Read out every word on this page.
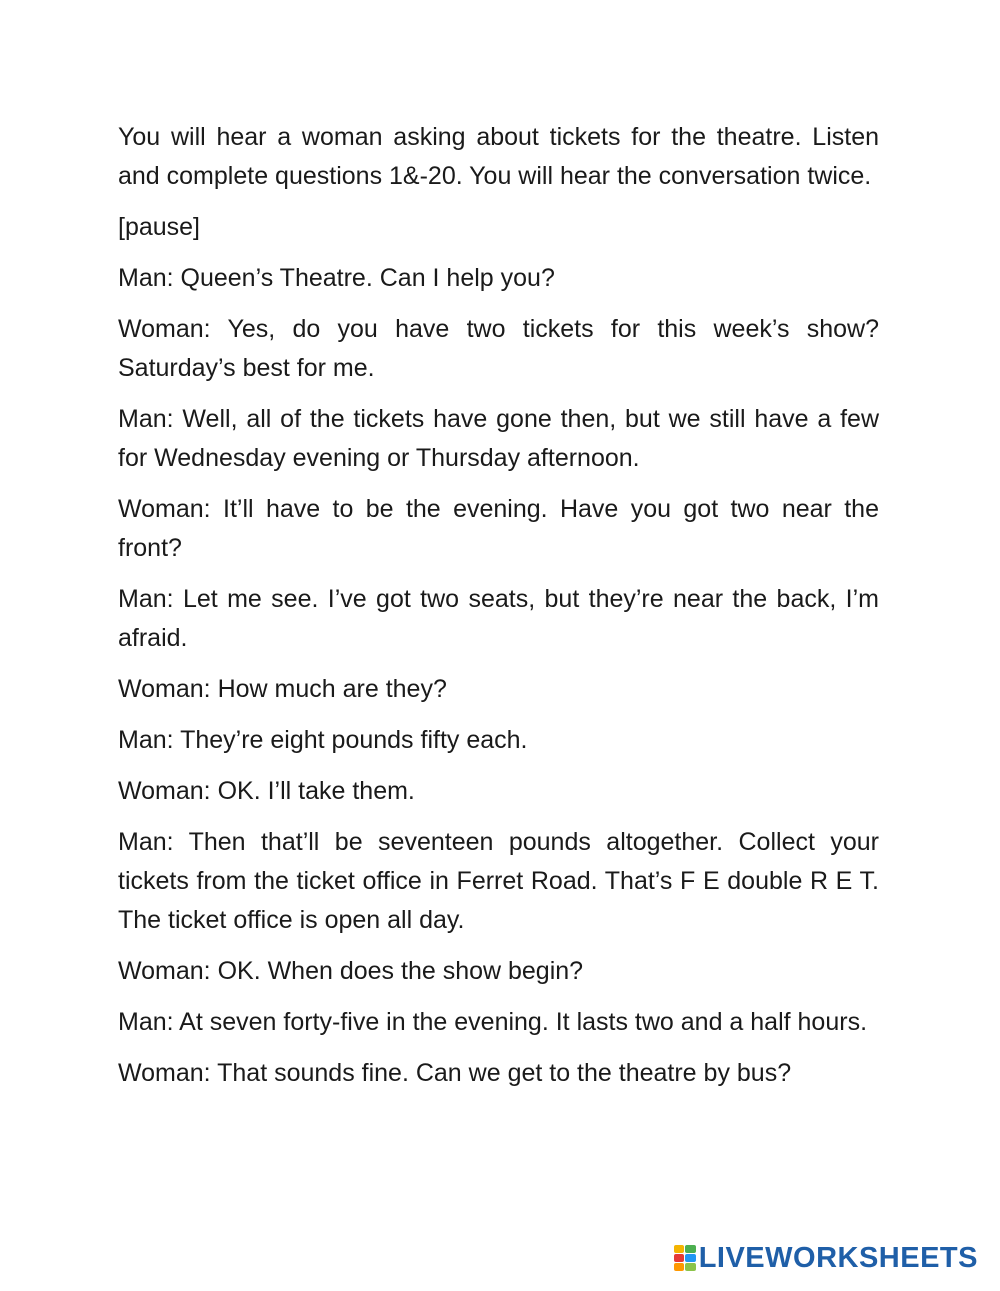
You will hear a woman asking about tickets for the theatre. Listen and complete questions 1&-20. You will hear the conversation twice.

[pause]

Man: Queen’s Theatre. Can I help you?

Woman: Yes, do you have two tickets for this week’s show? Saturday’s best for me.

Man: Well, all of the tickets have gone then, but we still have a few for Wednesday evening or Thursday afternoon.

Woman: It’ll have to be the evening. Have you got two near the front?

Man: Let me see. I’ve got two seats, but they’re near the back, I’m afraid.

Woman: How much are they?

Man: They’re eight pounds fifty each.

Woman: OK. I’ll take them.

Man: Then that’ll be seventeen pounds altogether. Collect your tickets from the ticket office in Ferret Road. That’s F E double R E T. The ticket office is open all day.

Woman: OK. When does the show begin?

Man: At seven forty-five in the evening. It lasts two and a half hours.

Woman: That sounds fine. Can we get to the theatre by bus?

LIVEWORKSHEETS
